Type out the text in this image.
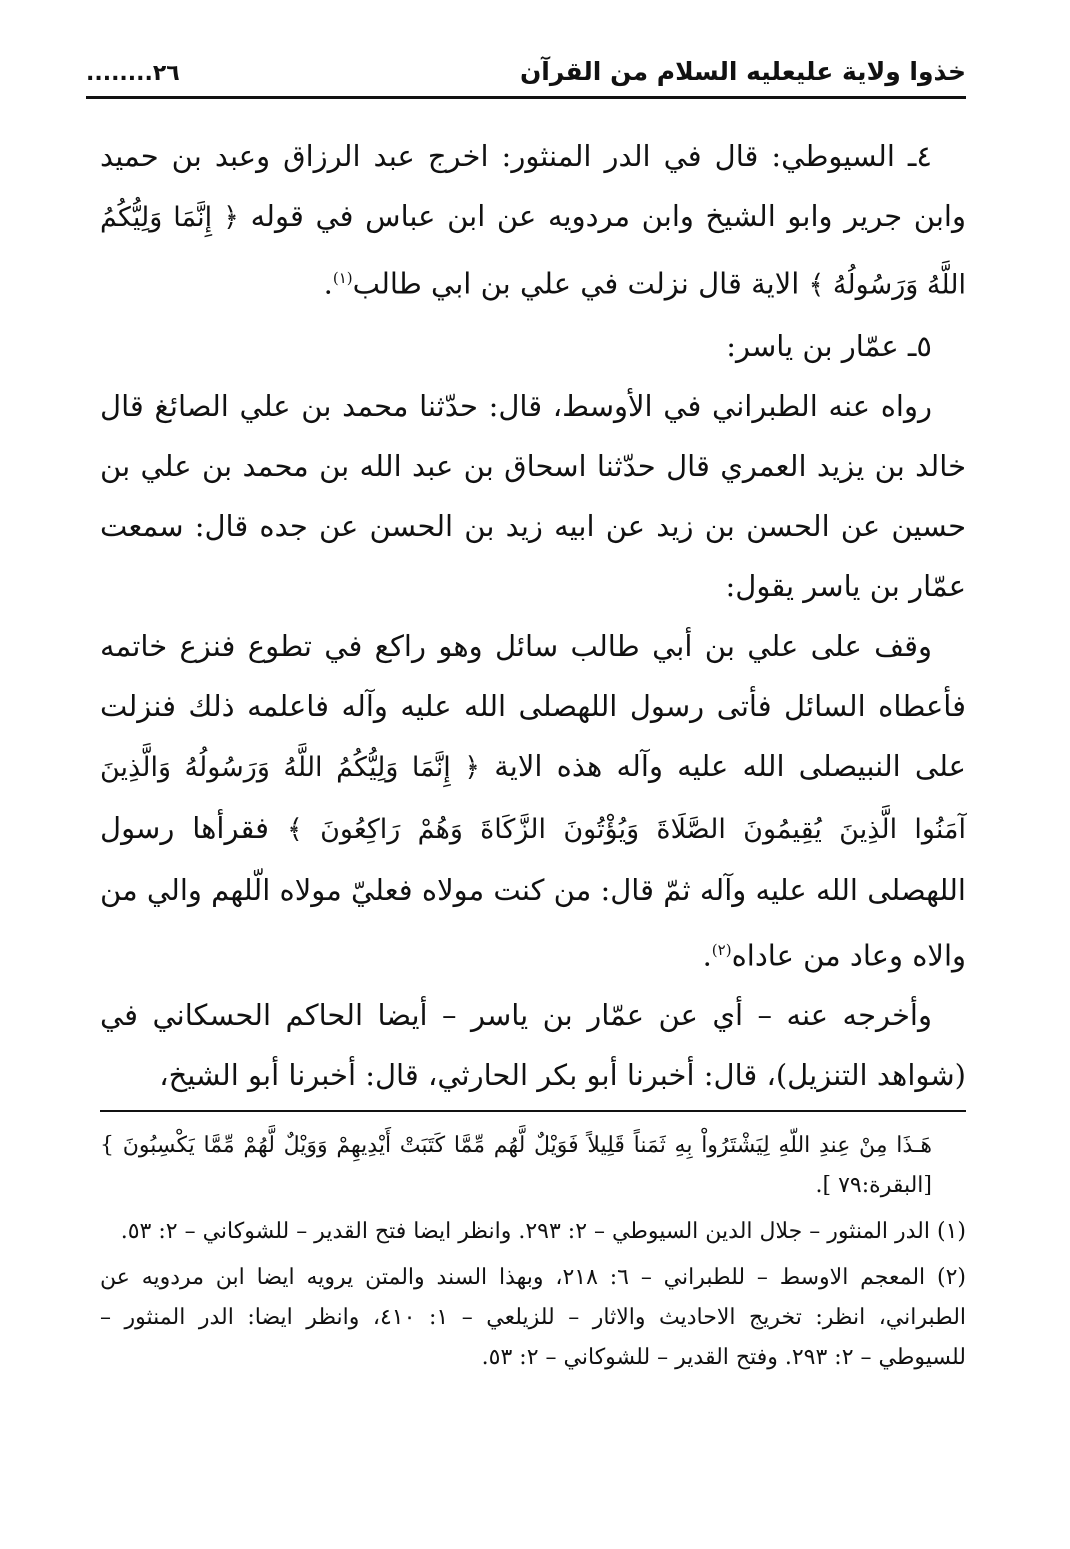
خذوا ولاية عليعليه السلام من القرآن
٢٦........

٤ـ السيوطي: قال في الدر المنثور: اخرج عبد الرزاق وعبد بن حميد وابن جرير وابو الشيخ وابن مردويه عن ابن عباس في قوله ﴿ إِنَّمَا وَلِيُّكُمُ اللَّهُ وَرَسُولُهُ ﴾ الاية قال نزلت في علي بن ابي طالب$^{(١)}$.

٥ـ عمّار بن ياسر:

رواه عنه الطبراني في الأوسط، قال: حدّثنا محمد بن علي الصائغ قال خالد بن يزيد العمري قال حدّثنا اسحاق بن عبد الله بن محمد بن علي بن حسين عن الحسن بن زيد عن ابيه زيد بن الحسن عن جده قال: سمعت عمّار بن ياسر يقول:

وقف على علي بن أبي طالب سائل وهو راكع في تطوع فنزع خاتمه فأعطاه السائل فأتى رسول اللهصلى الله عليه وآله فاعلمه ذلك فنزلت على النبيصلى الله عليه وآله هذه الاية ﴿ إِنَّمَا وَلِيُّكُمُ اللَّهُ وَرَسُولُهُ وَالَّذِينَ آمَنُوا الَّذِينَ يُقِيمُونَ الصَّلَاةَ وَيُؤْتُونَ الزَّكَاةَ وَهُمْ رَاكِعُونَ ﴾ فقرأها رسول اللهصلى الله عليه وآله ثمّ قال: من كنت مولاه فعليّ مولاه الّلهم والي من والاه وعاد من عاداه$^{(٢)}$.

وأخرجه عنه – أي عن عمّار بن ياسر – أيضا الحاكم الحسكاني في (شواهد التنزيل)، قال: أخبرنا أبو بكر الحارثي، قال: أخبرنا أبو الشيخ،

هَـذَا مِنْ عِندِ اللّهِ لِيَشْتَرُواْ بِهِ ثَمَناً قَلِيلاً فَوَيْلٌ لَّهُم مِّمَّا كَتَبَتْ أَيْدِيهِمْ وَوَيْلٌ لَّهُمْ مِّمَّا يَكْسِبُونَ }[البقرة:٧٩ ].

(١) الدر المنثور – جلال الدين السيوطي – ٢: ٢٩٣. وانظر ايضا فتح القدير – للشوكاني – ٢: ٥٣.

(٢) المعجم الاوسط – للطبراني – ٦: ٢١٨، وبهذا السند والمتن يرويه ايضا ابن مردويه عن الطبراني، انظر: تخريج الاحاديث والاثار – للزيلعي – ١: ٤١٠، وانظر ايضا: الدر المنثور – للسيوطي – ٢: ٢٩٣. وفتح القدير – للشوكاني – ٢: ٥٣.
